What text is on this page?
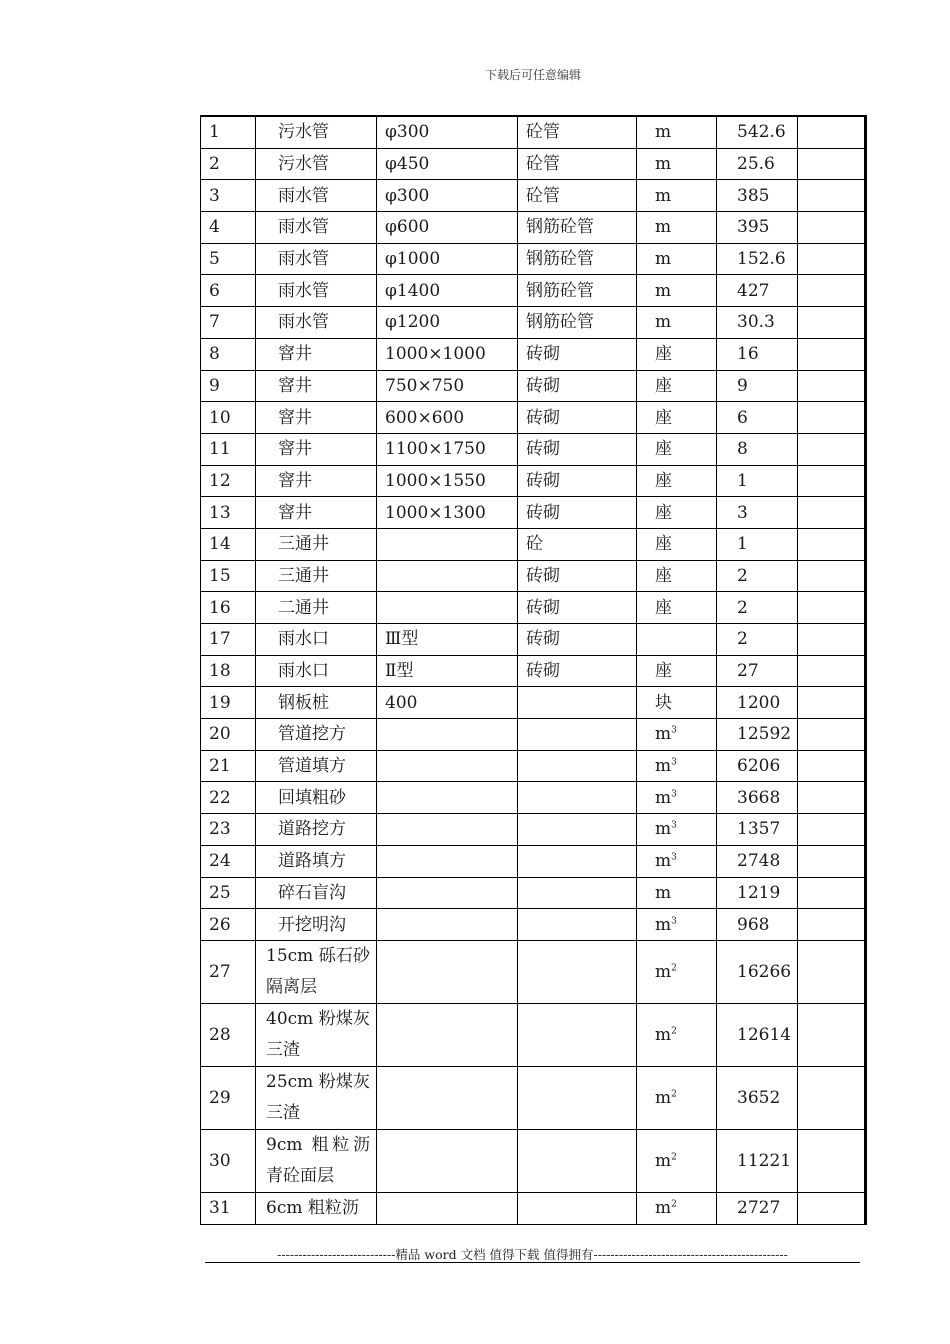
下载后可任意编辑
1	污水管	φ300	砼管	m	542.6	
2	污水管	φ450	砼管	m	25.6	
3	雨水管	φ300	砼管	m	385	
4	雨水管	φ600	钢筋砼管	m	395	
5	雨水管	φ1000	钢筋砼管	m	152.6	
6	雨水管	φ1400	钢筋砼管	m	427	
7	雨水管	φ1200	钢筋砼管	m	30.3	
8	窨井	1000×1000	砖砌	座	16	
9	窨井	750×750	砖砌	座	9	
10	窨井	600×600	砖砌	座	6	
11	窨井	1100×1750	砖砌	座	8	
12	窨井	1000×1550	砖砌	座	1	
13	窨井	1000×1300	砖砌	座	3	
14	三通井		砼	座	1	
15	三通井		砖砌	座	2	
16	二通井		砖砌	座	2	
17	雨水口	Ⅲ型	砖砌		2	
18	雨水口	Ⅱ型	砖砌	座	27	
19	钢板桩	400		块	1200	
20	管道挖方			$m^3$	12592	
21	管道填方			$m^3$	6206	
22	回填粗砂			$m^3$	3668	
23	道路挖方			$m^3$	1357	
24	道路填方			$m^3$	2748	
25	碎石盲沟			m	1219	
26	开挖明沟			$m^3$	968	
27	15cm 砾石砂隔离层			$m^2$	16266	
28	40cm 粉煤灰三渣			$m^2$	12614	
29	25cm 粉煤灰三渣			$m^2$	3652	
30	9cm 粗粒沥青砼面层			$m^2$	11221	
31	6cm 粗粒沥			$m^2$	2727	
----------------------------精品 word 文档 值得下载 值得拥有----------------------------------------------
